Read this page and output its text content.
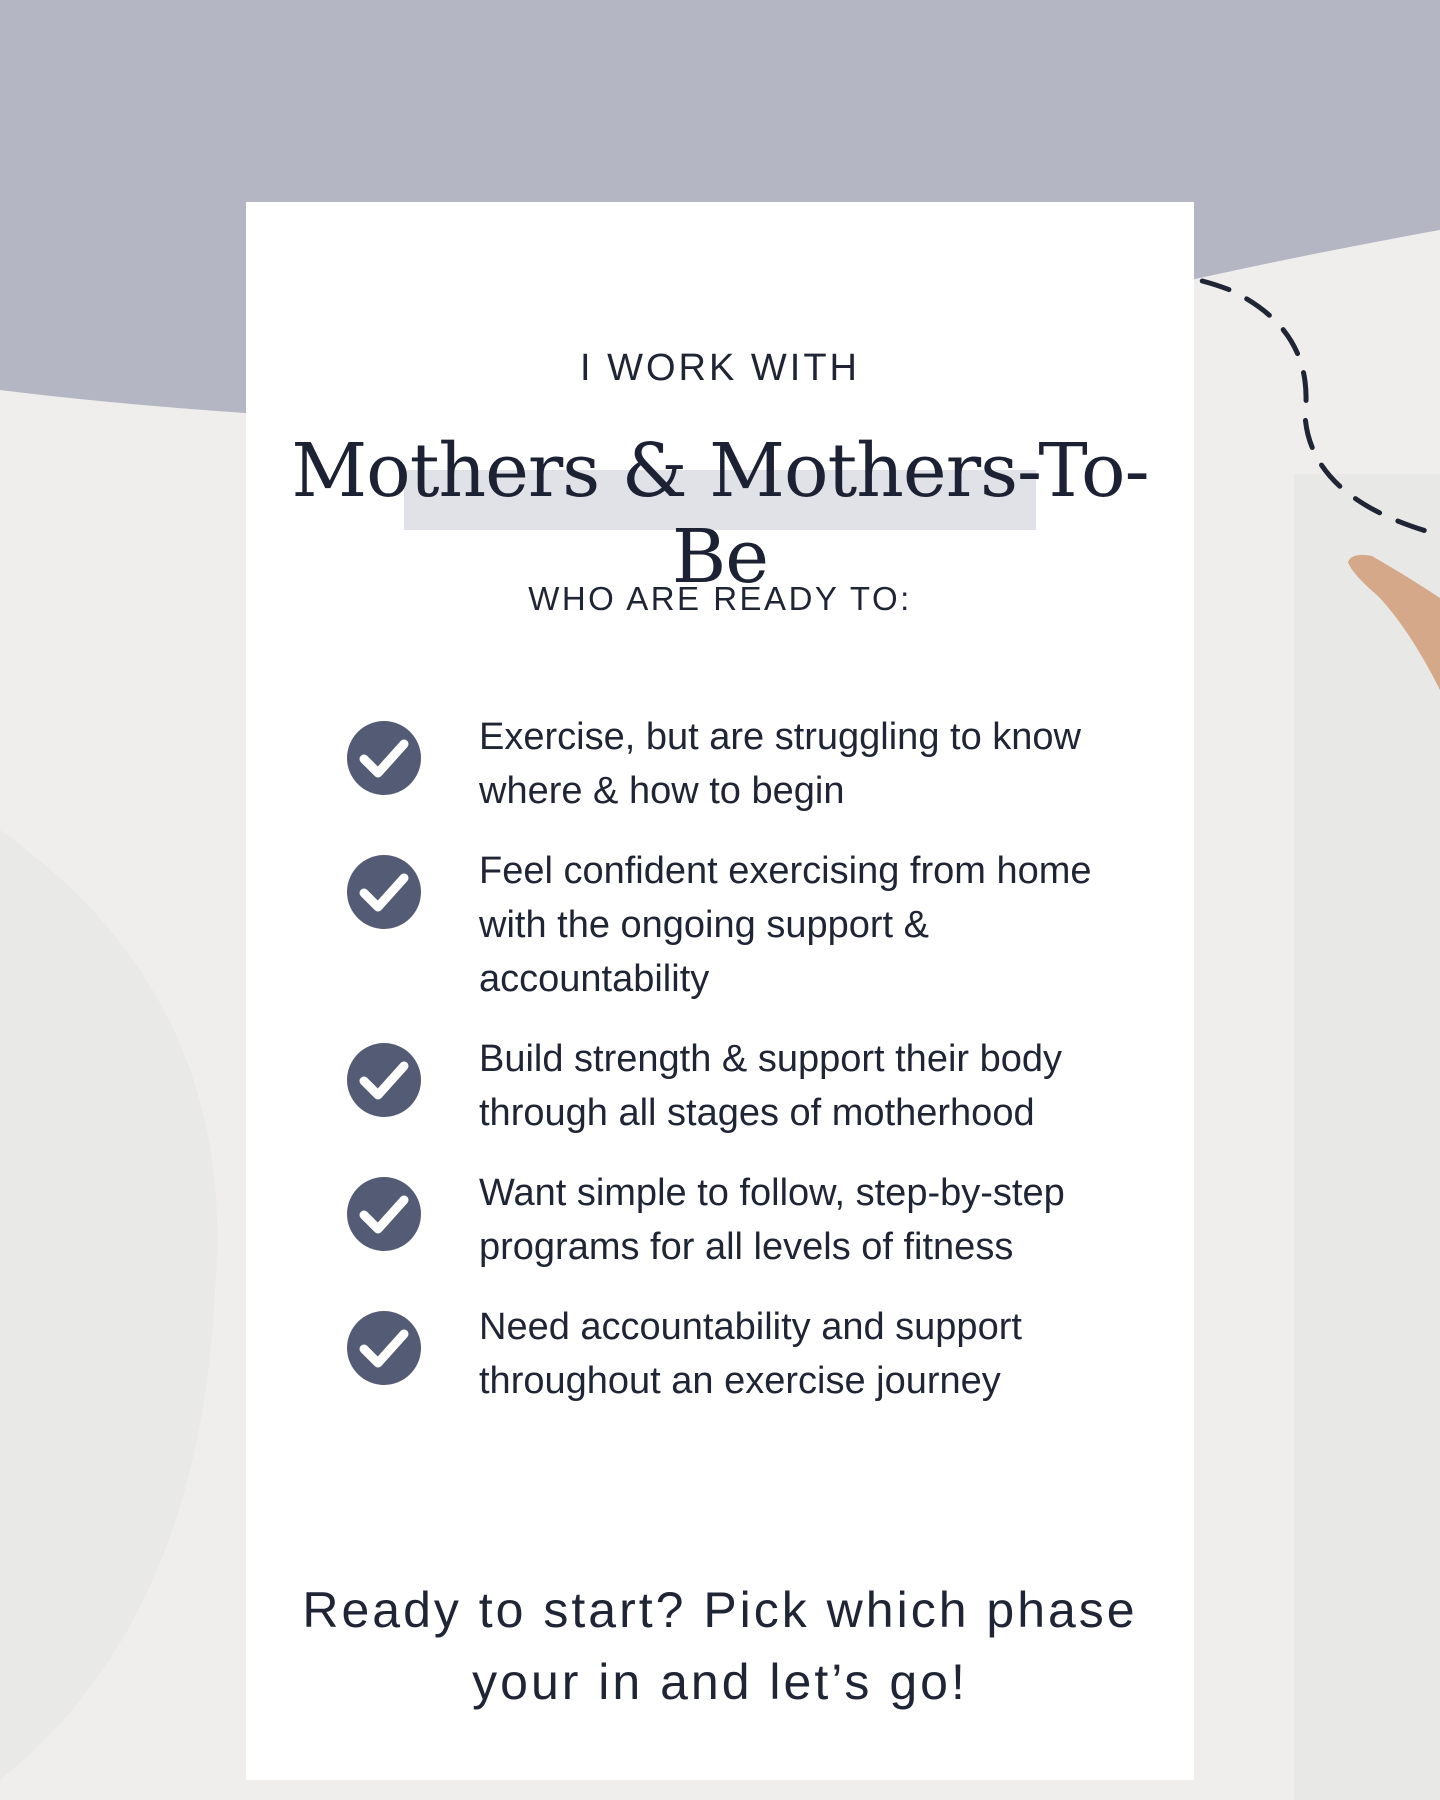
I WORK WITH
Mothers & Mothers-To-Be
WHO ARE READY TO:
Exercise, but are struggling to know where & how to begin
Feel confident exercising from home with the ongoing support & accountability
Build strength & support their body through all stages of motherhood
Want simple to follow, step-by-step programs for all levels of fitness
Need accountability and support throughout an exercise journey
Ready to start? Pick which phase your in and let’s go!
